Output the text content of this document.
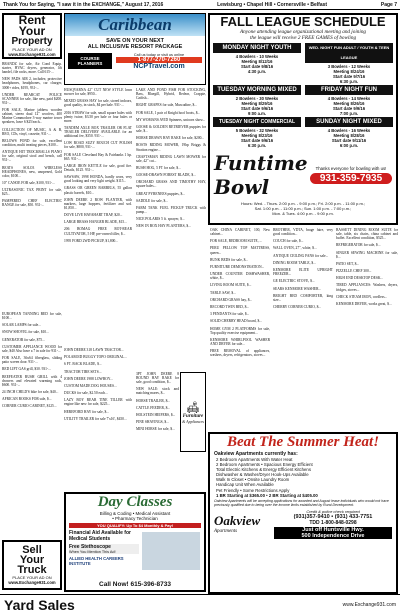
Thank You for Saying, "I saw it in the EXCHANGE," August 17, 2016	Lewisburg • Chapel Hill • Cornersville • Belfast	Page 7
Rent
Your
Property
PLACE YOUR AD ON
www.Exchange931.com

BRANDZ for sale, Air Cond Equip. starter, HVAC dryers, generator, lift handel, file racks, more. Call 615-...

NEW PADS AIR 2, includes; protective headphones, headphones, car charger, 3000+ rides, $195, 931-...

UNDER REARCAT POLICE SCANNER for sale, like new, paid $200. 931-...

FOR SALE, Marine jabbess wooden cabinet, stereo dual 12" woofers, 400 Marine Commodore 3-way marine tower speakers, have 6 $25/each...

COLLECTION OF MUSIC, A & B, REO, CDs, vinyl, cassette, 931-...

BELOWS POND for sale, excellent condition, multi treating pieces, $100...

ANTIQUE HIT TROCKBALLS PIANO for sale, original stool and bench, call 931-...

BEATS SOLO3 WIRELESS HEADPHONES, new, unopened, Gold color, $100...

10" CANOE FOR sale, $100, 931-...

ULTRASONIC TAX PRINT for sale, $25...

PAMPERED CHEF ELECTRIC RANGE for sale, $50. 931-...

EUROPEAN TANNING BED for sale, $100...

SOLAR LAMPS for sale...

SNOW SHOVEL for sale, $10...

GENERATOR for sale, $75...

CUSTOMER APPLIANCE WOOD for sale, $40 Also have a 7 in sale for 931-...

FOR SALE, 36x64 fiberglass, sliding patio screen door. 931-...

RED LIFT GAS grill, $30. 931-...

BEEFEATER RUSH GRILL with 4 drawers and elevated warming rack, $600. 931-...

24 INCH CHILD'S bike for sale, $40...

AFRICAN BOOKS FOR sale, $...

CORNER CURIO CABINET, $125...

Sell
Your
Truck
PLACE YOUR AD ON
www.Exchange931.com
Caribbean
SAVE ON YOUR NEXT
ALL INCLUSIVE RESORT PACKAGE
COURSE PLANNERS
Call us today or visit us online
1-877-270-7260
NCPTravel.com

HUSQVARNA 42" CUT NEW STYLE lawn mower for sale, $950...

MIXED GRASS HAY for sale, stored indoors, good quality, in stock, $4 per bale. 931-...

2016 STRAW for sale, small square bales with plenty twine, $3.50 per bale or four bales or more.

TANDEM AXLE BOX TRAILER OR FLAT TRAILER DELIVERY AVAILABLE for an additional fee, $350. 931-...

LOW ROAD SUZY BOUCH CUT POLISH for sale, $800, 931-...

FOR SALE Cleveland Hay & Fairbanks 1 hp. $65. 931-...

LARGE IRON KETTLE for sale, good fire. Details, $125. 931-...

SAWSAW, 1998 HONDA, hardly worn, very good looking and very light weight. $115...

GRASS OR GREEN BARRELS, 55 gallon plastic barrels, $10...

JOHN DEERE 2 ROW PLANTER, with markers, large hoppers, fertilizer and sod. $1,850...

DOVE LIVE HAVAHART TRAP, $20...

LARGE BRASS HANGER BLADE, $15...

206 BOMAG FREE ROT-REAR CULTIVATOR, 5 HP, pre-owned tiller, $...

1995 FORD 2WD PICKUP, $1,800...

JOHN DEERE 318 LAWN TRACTOR...

POLAROID BUGGY TOPO ORIGINAL...

6 FT. BACK BLADE, $...

TRACTOR TIRE SETS...

JOHN DEERE 1988 LOWBOY...

CUSTOM MADE DOG HOUSES...

DUCKS for sale, $2.50 each...

LAZY BOY REAR TINE TILLER with engine like new for sale, $225...

HEREFORD HAY for sale, $...

UTILITY TRAILER for sale 7'x16', $450...

LAKE AND POND FISH FOR STOCKING, Bass, Bluegill, Hybrid, Redear, Crappie, Catfish...

RIGHT GRAPES for sale, Muscadine, $...

FOR SALE, 1 pair of Knight hoof boots, $...

MY WOMANS AVID Spinners, unicorn show...

GOOSE & GOLDEN RETRIEVER puppies for sale, $...

HORSE DRAWN HAY RAKE for sale, $200...

ROSTS RIDING MOWER, 19hp Briggs & Stratton engine...

CRAFTSMAN RIDING LAWN MOWER for sale, 42" cut...

BUSH HOG, 5 FT for sale, $...

GOOSE-DRAWN FOREST BLADE, $...

ORCHARD GRASS AND TIMOTHY HAY, square bales...

GREAT PYRENEES puppies, $...

SADDLE for sale, $...

FARM TANK FUEL PICKUP TRUCK with pump...

NICE POLARIS 5 ft. sprayer, $...

NEW IN BOX HAY PLANTERS, $...

3PT JOHN DEERE 8 BOUND HAY RAKE for sale, good condition, $...

NEW SALE: stock and matching mares, $...

HORSE TRAILER, $...

CATTLE FEEDER, $...

HOLSTEIN HEIFERS, $...

PINE SHAVINGS, $...

MINI HORSE for sale, $...

🛋
Furniture
& Appliances
Day Classes
Billing & Coding • Medical Assistant
• Pharmacy Technician
YOU QUALIFY: Up To $4 Monthly & Pay!
Financial Aid Available for Medical Students
Free Stethoscope
When You Mention This Ad!
ALLIED HEALTH CAREERS INSTITUTE
Call Now! 615-396-8733
FALL LEAGUE SCHEDULE
Anyone attending league organizational meeting and joining
the league will receive 2 FREE GAMES of bowling
MONDAY NIGHT YOUTH
4 Bowlers - 10 Weeks
Meeting 8/12/16
Start date 9/8/16
4:30 p.m.
WED. NIGHT FUN ADULT / YOUTH & TEEN LEAGUE
3 Bowlers - 12 Weeks
Meeting 8/24/16
Start date 9/7/16
6:30 p.m.
TUESDAY MORNING MIXED
2 Bowlers - 30 Weeks
Meeting 8/29/16
Start date 9/6/16
9:00 a.m.
FRIDAY NIGHT FUN
4 Bowlers - 14 Weeks
Meeting 8/26/16
Start date 9/9/16
7:00 p.m.
TUESDAY NIGHT COMMERCIAL
5 Bowlers - 32 Weeks
Meeting 8/23/16
Start date 9/6/16
6:30 p.m.
SUNDAY NIGHT MIXED
4 Bowlers - 16 Weeks
Meeting 8/28/16
Start date 9/11/16
6:00 p.m.
Funtime Bowl
Thanks everyone for bowling with us!
931-359-7935
Hours: Wed. - Thurs. 2:00 p.m. - 9:00 p.m.; Fri. 2:00 p.m. - 11:00 p.m.;
Sat. 1:00 p.m. - 11:00 p.m.; Sun. 1:00 p.m. - 7:00 p.m.;
Mon. & Tues. 4:00 p.m. - 9:00 p.m.

OAK CHINA CABINET, 100, New cabinet...

FOR SALE, BEDROOM SUITE, ...

PERU PELLOW TOP MATTRESS, queen...

BUNK BEDS for sale, $...

FURNITURE DEMONSTRATION...

UNDER COUNTER DISHWASHER, white, $...

LIVING ROOM SUITE, $...

TABLE SAW, $...

ORCHARD GRASS hay, $...

RECORD TWIN BED, $...

3 PENDANTS for sale, $...

SOLID CHERRY HEAD board, $...

HOME GYM 2 PLATFORMS for sale, Top quality exercise equipment...

KENMORE WHIRLPOOL WASHER AND DRYER for sale...

FREE REMOVAL of appliances, washers, dryers, refrigerators, stoves...

BROTHER, VDTA, brage faire, very good condition...

COUCH for sale, $...

WALL OVEN, 27", white, $...

ANTIQUE CEILING FANS for sale...

DINING ROOM TABLE, $...

KENMORE ELITE UPRIGHT FREEZER...

GE ELECTRIC STOVE, $...

SEARS KENMORE WASHER...

BRIGHT BED COMFORTER, king size...

CHERRY CORNER CURIO, $...

BASSETT DINING ROOM SUITE for sale, table, six chairs, china cabinet and buffet. Excellent condition, $525...

REFRIGERATOR for sale, $...

SINGER SEWING MACHINE for sale, $...

PATIO SET, $...

PIZZELLE CHEF 300...

HIGH END DESKTOP DESK...

TIRED APPLIANCES: Washers, dryers, fridges, stoves...

CHECK STEAM IRON, cordless...

KENMORE DRYER, works great, $...

Beat The Summer Heat!
Oakview Apartments currently has:
2 Bedroom Apartments With Water Heat
2 Bedroom Apartments • Spacious Energy Efficient
Total Electric Kitchens & Energy Efficient Kitchens
Dishwasher & Washer/Dryer Hook-Ups Available
Walk In Closet • Onsite Laundry Room
Handicap Unit When Available
Pet Friendly • Some Restrictions Apply
1 BR Starting at $365.00 • 2 BR Starting at $405.00
Oakview Apartments will be accepting applications for awarded and August lease individuals who would not have previously qualified due to being over the income limits established by Rural Development.
Oakview
Apartments
Credit & police check required
(931)357-9410 • (931) 433-7751
TDD 1-800-848-0298
Just off Huntsville Hwy.
500 Independence Drive
Yard Sales	www.Exchange931.com
